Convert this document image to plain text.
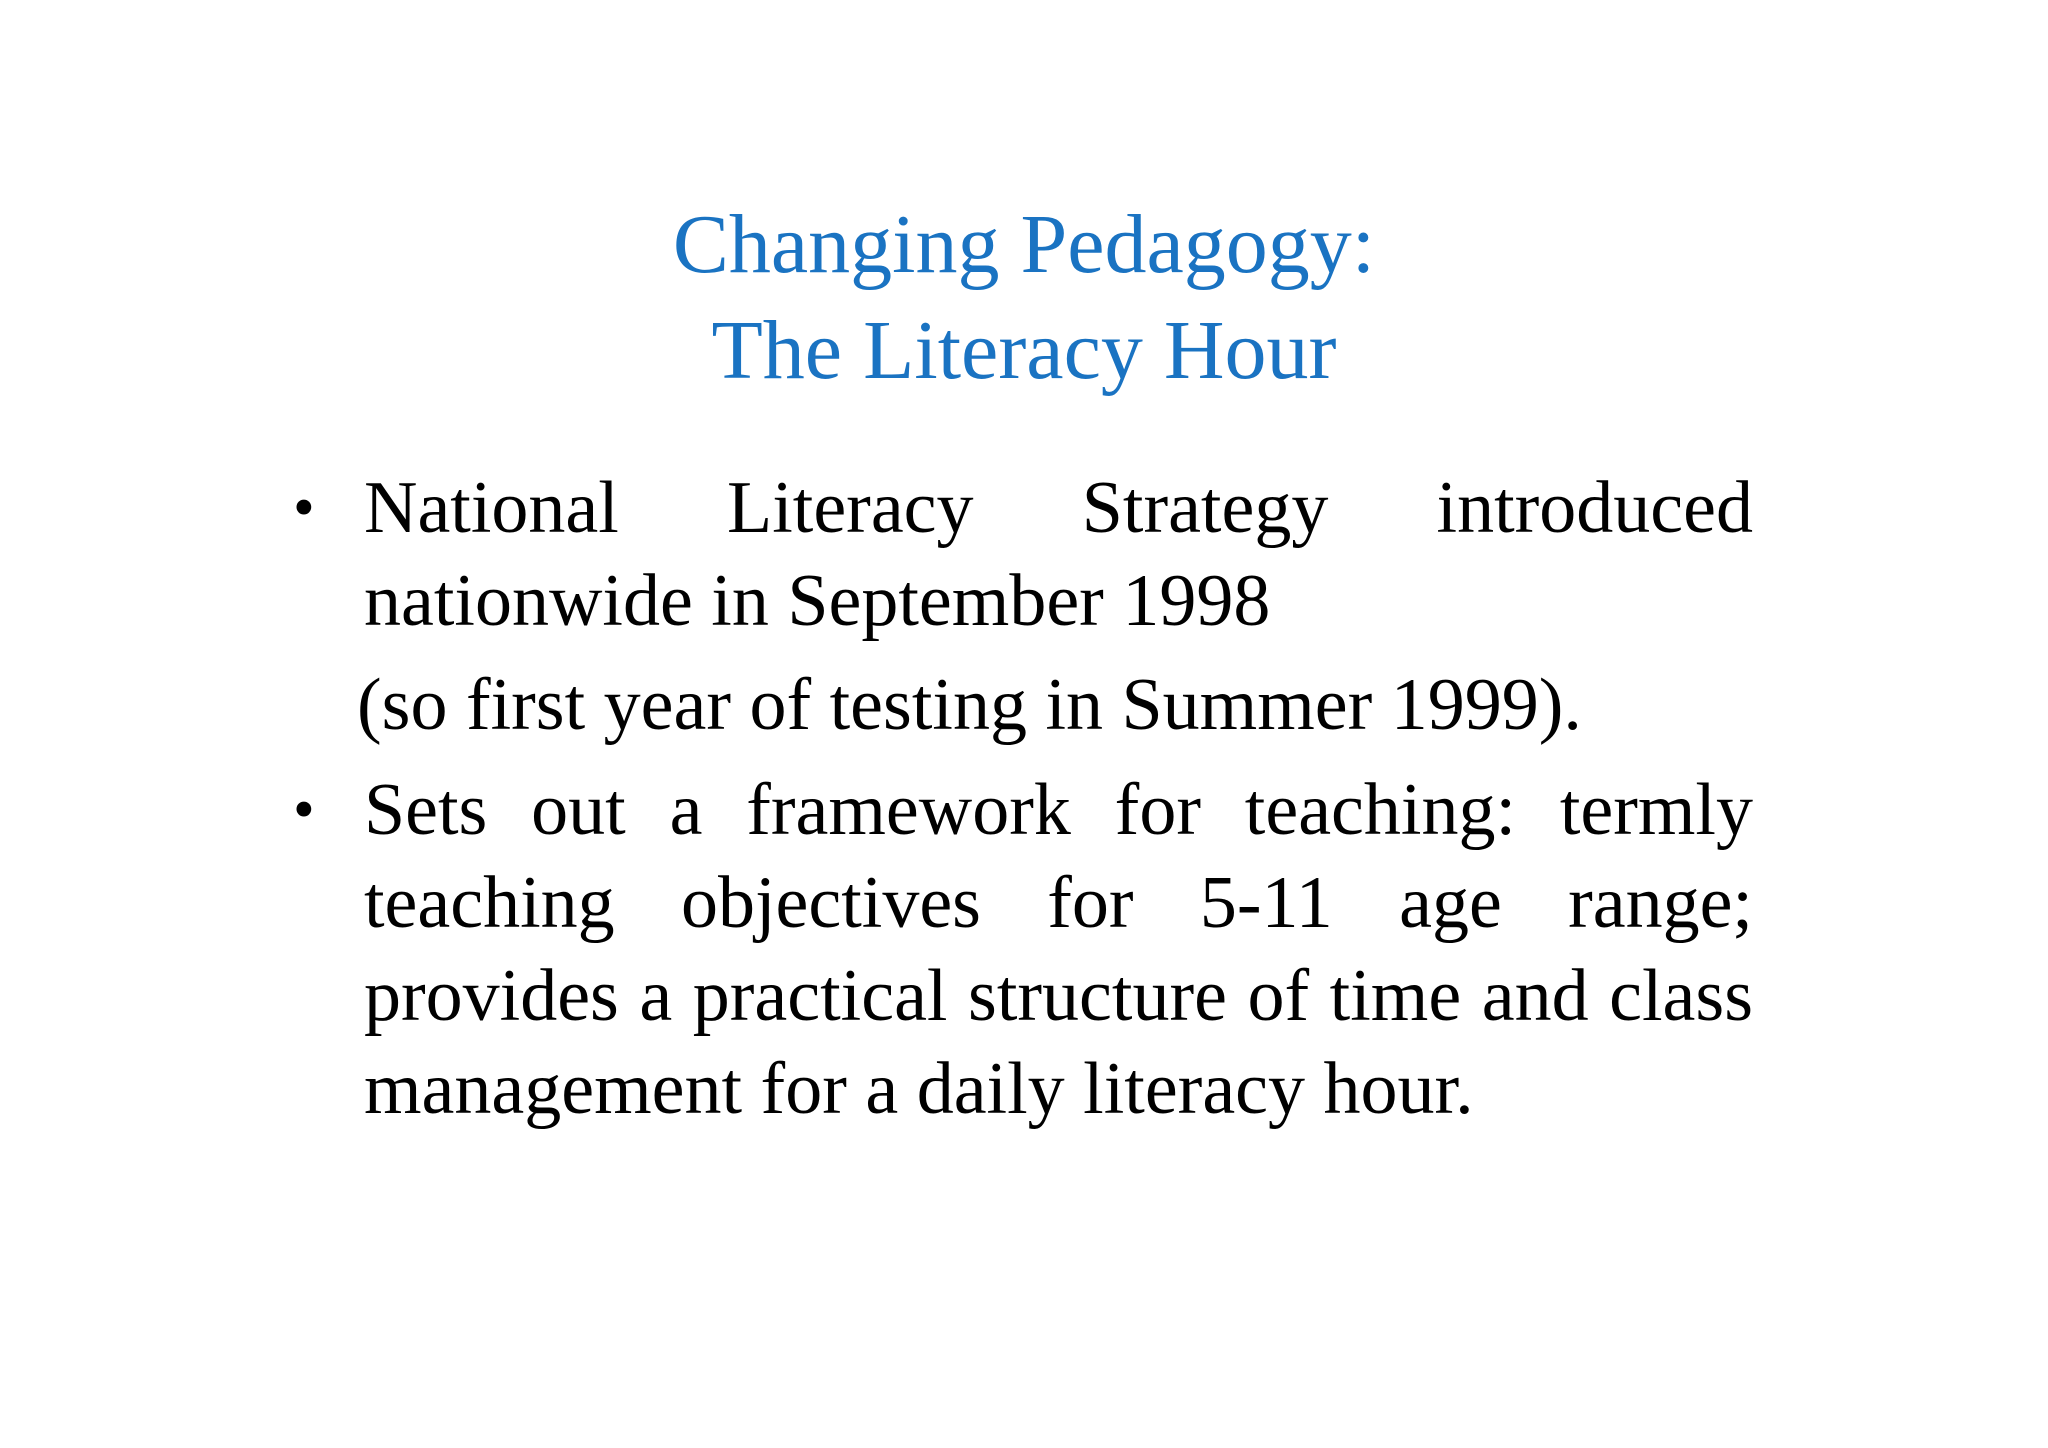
Changing Pedagogy:
The Literacy Hour
• National Literacy Strategy introduced nationwide in September 1998
(so first year of testing in Summer 1999).
• Sets out a framework for teaching: termly teaching objectives for 5-11 age range; provides a practical structure of time and class management for a daily literacy hour.
